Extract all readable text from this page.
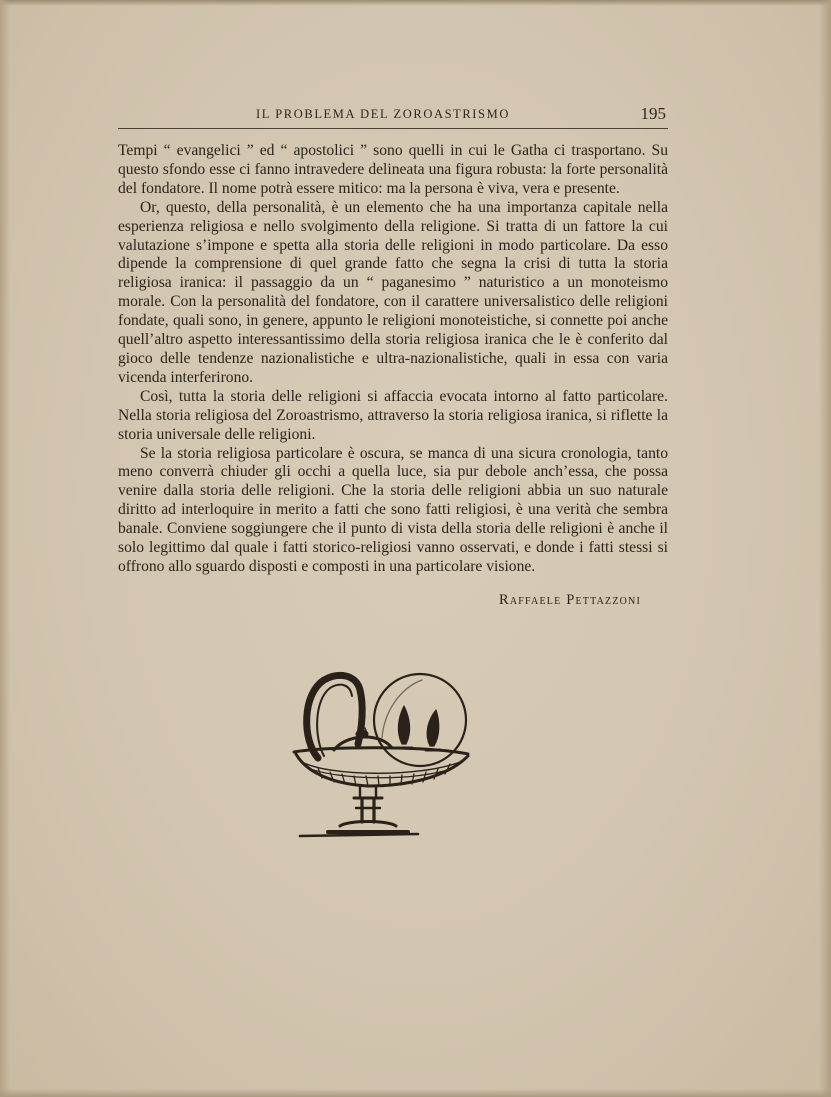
IL PROBLEMA DEL ZOROASTRISMO	195

Tempi “ evangelici ” ed “ apostolici ” sono quelli in cui le Gatha ci trasportano. Su questo sfondo esse ci fanno intravedere delineata una figura robusta: la forte personalità del fondatore. Il nome potrà essere mitico: ma la persona è viva, vera e presente.

Or, questo, della personalità, è un elemento che ha una importanza capitale nella esperienza religiosa e nello svolgimento della religione. Si tratta di un fattore la cui valutazione s’impone e spetta alla storia delle religioni in modo particolare. Da esso dipende la comprensione di quel grande fatto che segna la crisi di tutta la storia religiosa iranica: il passaggio da un “ paganesimo ” naturistico a un monoteismo morale. Con la personalità del fondatore, con il carattere universalistico delle religioni fondate, quali sono, in genere, appunto le religioni monoteistiche, si connette poi anche quell’altro aspetto interessantissimo della storia religiosa iranica che le è conferito dal gioco delle tendenze nazionalistiche e ultra-nazionalistiche, quali in essa con varia vicenda interferirono.

Così, tutta la storia delle religioni si affaccia evocata intorno al fatto particolare. Nella storia religiosa del Zoroastrismo, attraverso la storia religiosa iranica, si riflette la storia universale delle religioni.

Se la storia religiosa particolare è oscura, se manca di una sicura cronologia, tanto meno converrà chiuder gli occhi a quella luce, sia pur debole anch’essa, che possa venire dalla storia delle religioni. Che la storia delle religioni abbia un suo naturale diritto ad interloquire in merito a fatti che sono fatti religiosi, è una verità che sembra banale. Conviene soggiungere che il punto di vista della storia delle religioni è anche il solo legittimo dal quale i fatti storico-religiosi vanno osservati, e donde i fatti stessi si offrono allo sguardo disposti e composti in una particolare visione.

Raffaele Pettazzoni
